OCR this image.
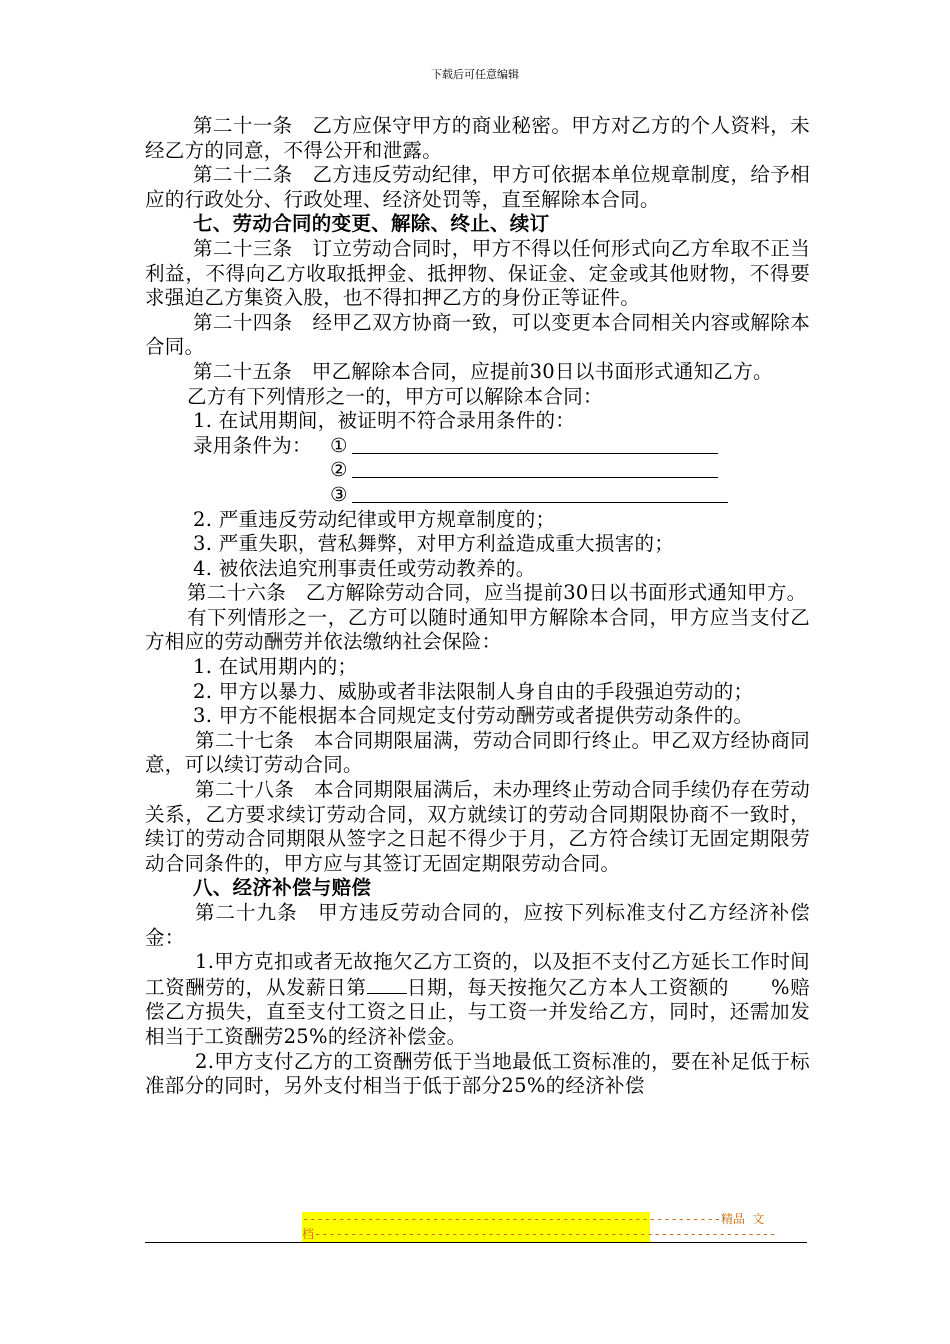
下载后可任意编辑

第二十一条　乙方应保守甲方的商业秘密。甲方对乙方的个人资料，未经乙方的同意，不得公开和泄露。

第二十二条　乙方违反劳动纪律，甲方可依据本单位规章制度，给予相应的行政处分、行政处理、经济处罚等，直至解除本合同。

七、劳动合同的变更、解除、终止、续订

第二十三条　订立劳动合同时，甲方不得以任何形式向乙方牟取不正当利益，不得向乙方收取抵押金、抵押物、保证金、定金或其他财物，不得要求强迫乙方集资入股，也不得扣押乙方的身份正等证件。

第二十四条　经甲乙双方协商一致，可以变更本合同相关内容或解除本合同。

第二十五条　甲乙解除本合同，应提前30日以书面形式通知乙方。

乙方有下列情形之一的，甲方可以解除本合同：

1. 在试用期间，被证明不符合录用条件的：

录用条件为： ①
②
③

2. 严重违反劳动纪律或甲方规章制度的；

3. 严重失职，营私舞弊，对甲方利益造成重大损害的；

4. 被依法追究刑事责任或劳动教养的。

第二十六条　乙方解除劳动合同，应当提前30日以书面形式通知甲方。

有下列情形之一，乙方可以随时通知甲方解除本合同，甲方应当支付乙方相应的劳动酬劳并依法缴纳社会保险：

1. 在试用期内的；

2. 甲方以暴力、威胁或者非法限制人身自由的手段强迫劳动的；

3. 甲方不能根据本合同规定支付劳动酬劳或者提供劳动条件的。

第二十七条　本合同期限届满，劳动合同即行终止。甲乙双方经协商同意，可以续订劳动合同。

第二十八条　本合同期限届满后，未办理终止劳动合同手续仍存在劳动关系，乙方要求续订劳动合同，双方就续订的劳动合同期限协商不一致时，续订的劳动合同期限从签字之日起不得少于月，乙方符合续订无固定期限劳动合同条件的，甲方应与其签订无固定期限劳动合同。

八、经济补偿与赔偿

第二十九条　甲方违反劳动合同的，应按下列标准支付乙方经济补偿金：

1.甲方克扣或者无故拖欠乙方工资的，以及拒不支付乙方延长工作时间工资酬劳的，从发薪日第 日期，每天按拖欠乙方本人工资额的 %赔偿乙方损失，直至支付工资之日止，与工资一并发给乙方，同时，还需加发相当于工资酬劳25%的经济补偿金。

2.甲方支付乙方的工资酬劳低于当地最低工资标准的，要在补足低于标准部分的同时，另外支付相当于低于部分25%的经济补偿

----------------------------------------------------------精品 文
档----------------------------------------------------------------
